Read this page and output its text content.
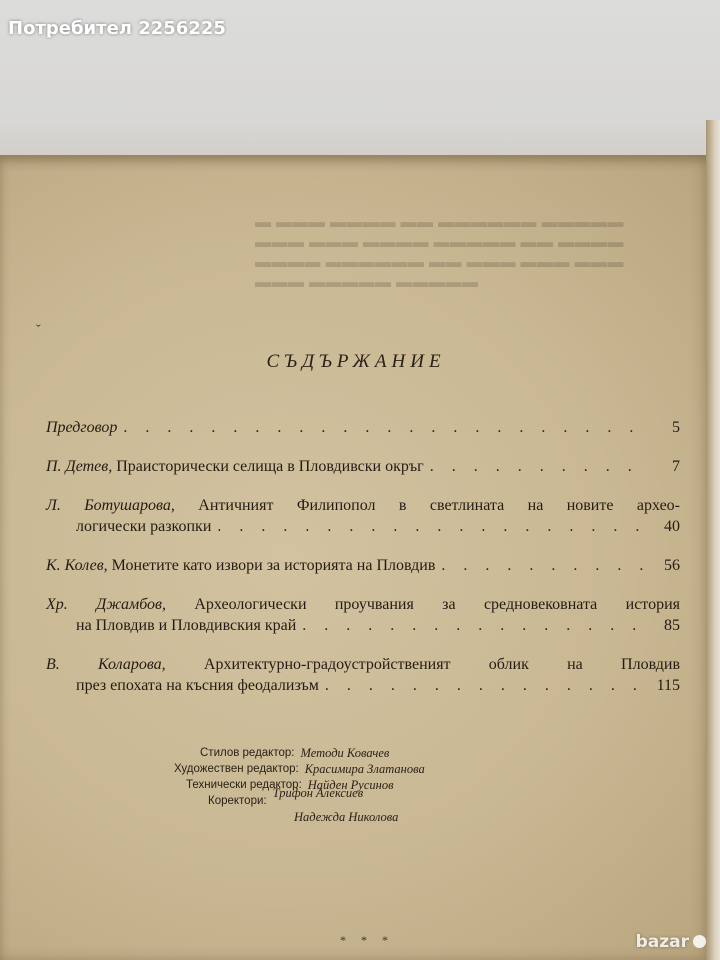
Потребител 2256225
▬ ▬▬▬ ▬▬▬▬ ▬▬ ▬▬▬▬▬▬ ▬▬▬▬▬
▬▬▬ ▬▬▬ ▬▬▬▬ ▬▬▬▬▬ ▬▬ ▬▬▬▬
▬▬▬▬ ▬▬▬▬▬▬ ▬▬ ▬▬▬ ▬▬▬ ▬▬▬
▬▬▬ ▬▬▬▬▬ ▬▬▬▬▬
ˇ
СЪДЪРЖАНИЕ
Предговор . . .	5
П. Детев, Праисторически селища в Пловдивски окръг . . .	7
Л. Ботушарова, Античният Филипопол в светлината на новите архео-
логически разкопки . . .	40
К. Колев, Монетите като извори за историята на Пловдив . . .	56
Хр. Джамбов, Археологически проучвания за средновековната история
на Пловдив и Пловдивския край . . .	85
В. Коларова, Архитектурно-градоустройственият облик на Пловдив
през епохата на късния феодализъм . . .	115
Стилов редактор: Методи Ковачев
Художествен редактор: Красимира Златанова
Технически редактор: Найден Русинов
Коректори:
Трифон Алексиев
Надежда Николова
* * *	bazar
